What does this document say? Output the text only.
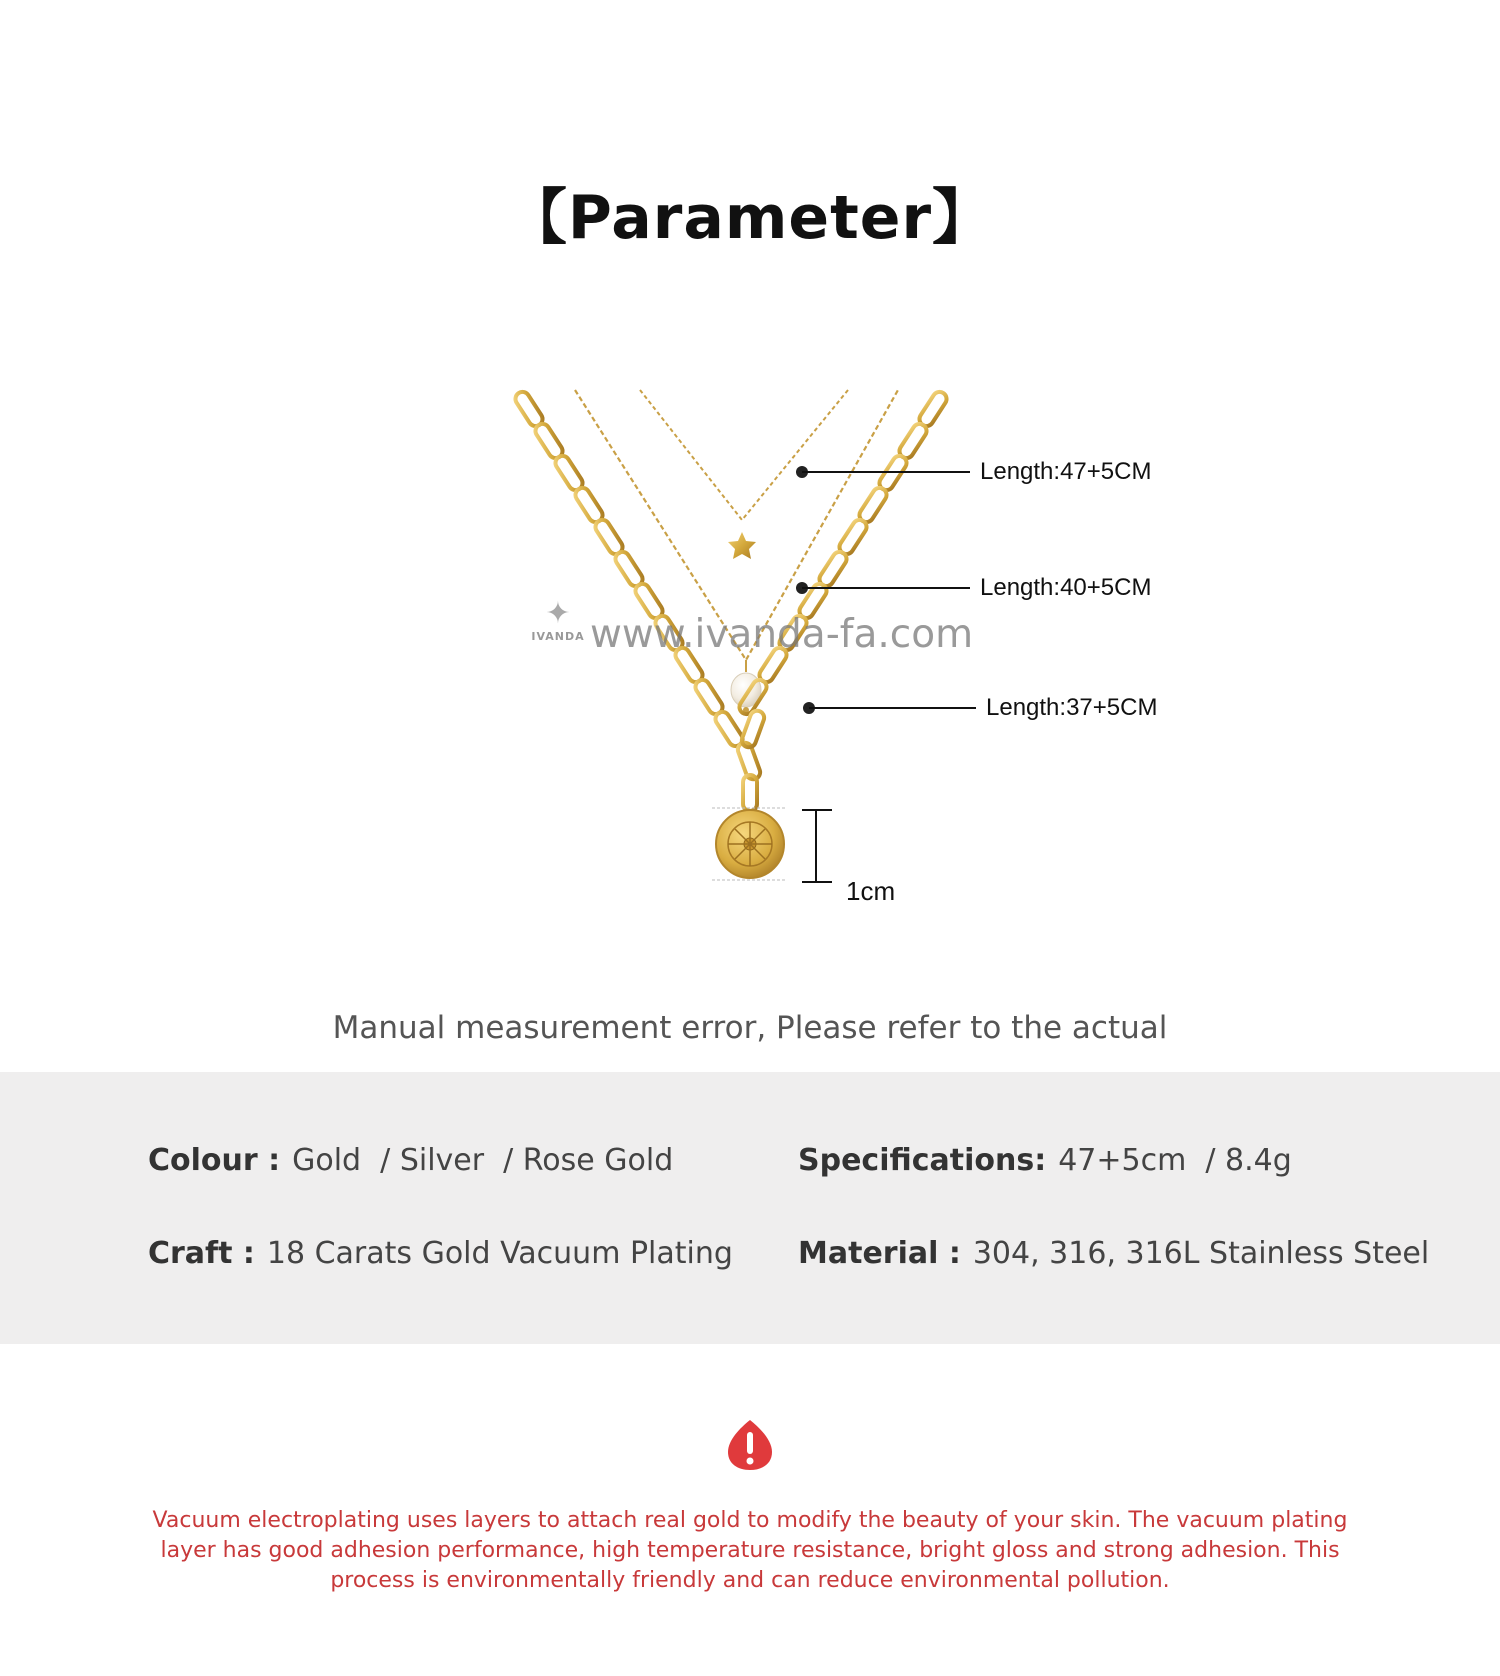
【Parameter】
✦
IVANDA www.ivanda-fa.com
Length:47+5CM
Length:40+5CM
Length:37+5CM
1cm
Manual measurement error, Please refer to the actual
Colour : Gold  / Silver  / Rose Gold	Specifications: 47+5cm  / 8.4g
Craft : 18 Carats Gold Vacuum Plating Material : 304, 316, 316L Stainless Steel
Vacuum electroplating uses layers to attach real gold to modify the beauty of your skin. The vacuum plating layer has good adhesion performance, high temperature resistance, bright gloss and strong adhesion. This process is environmentally friendly and can reduce environmental pollution.
